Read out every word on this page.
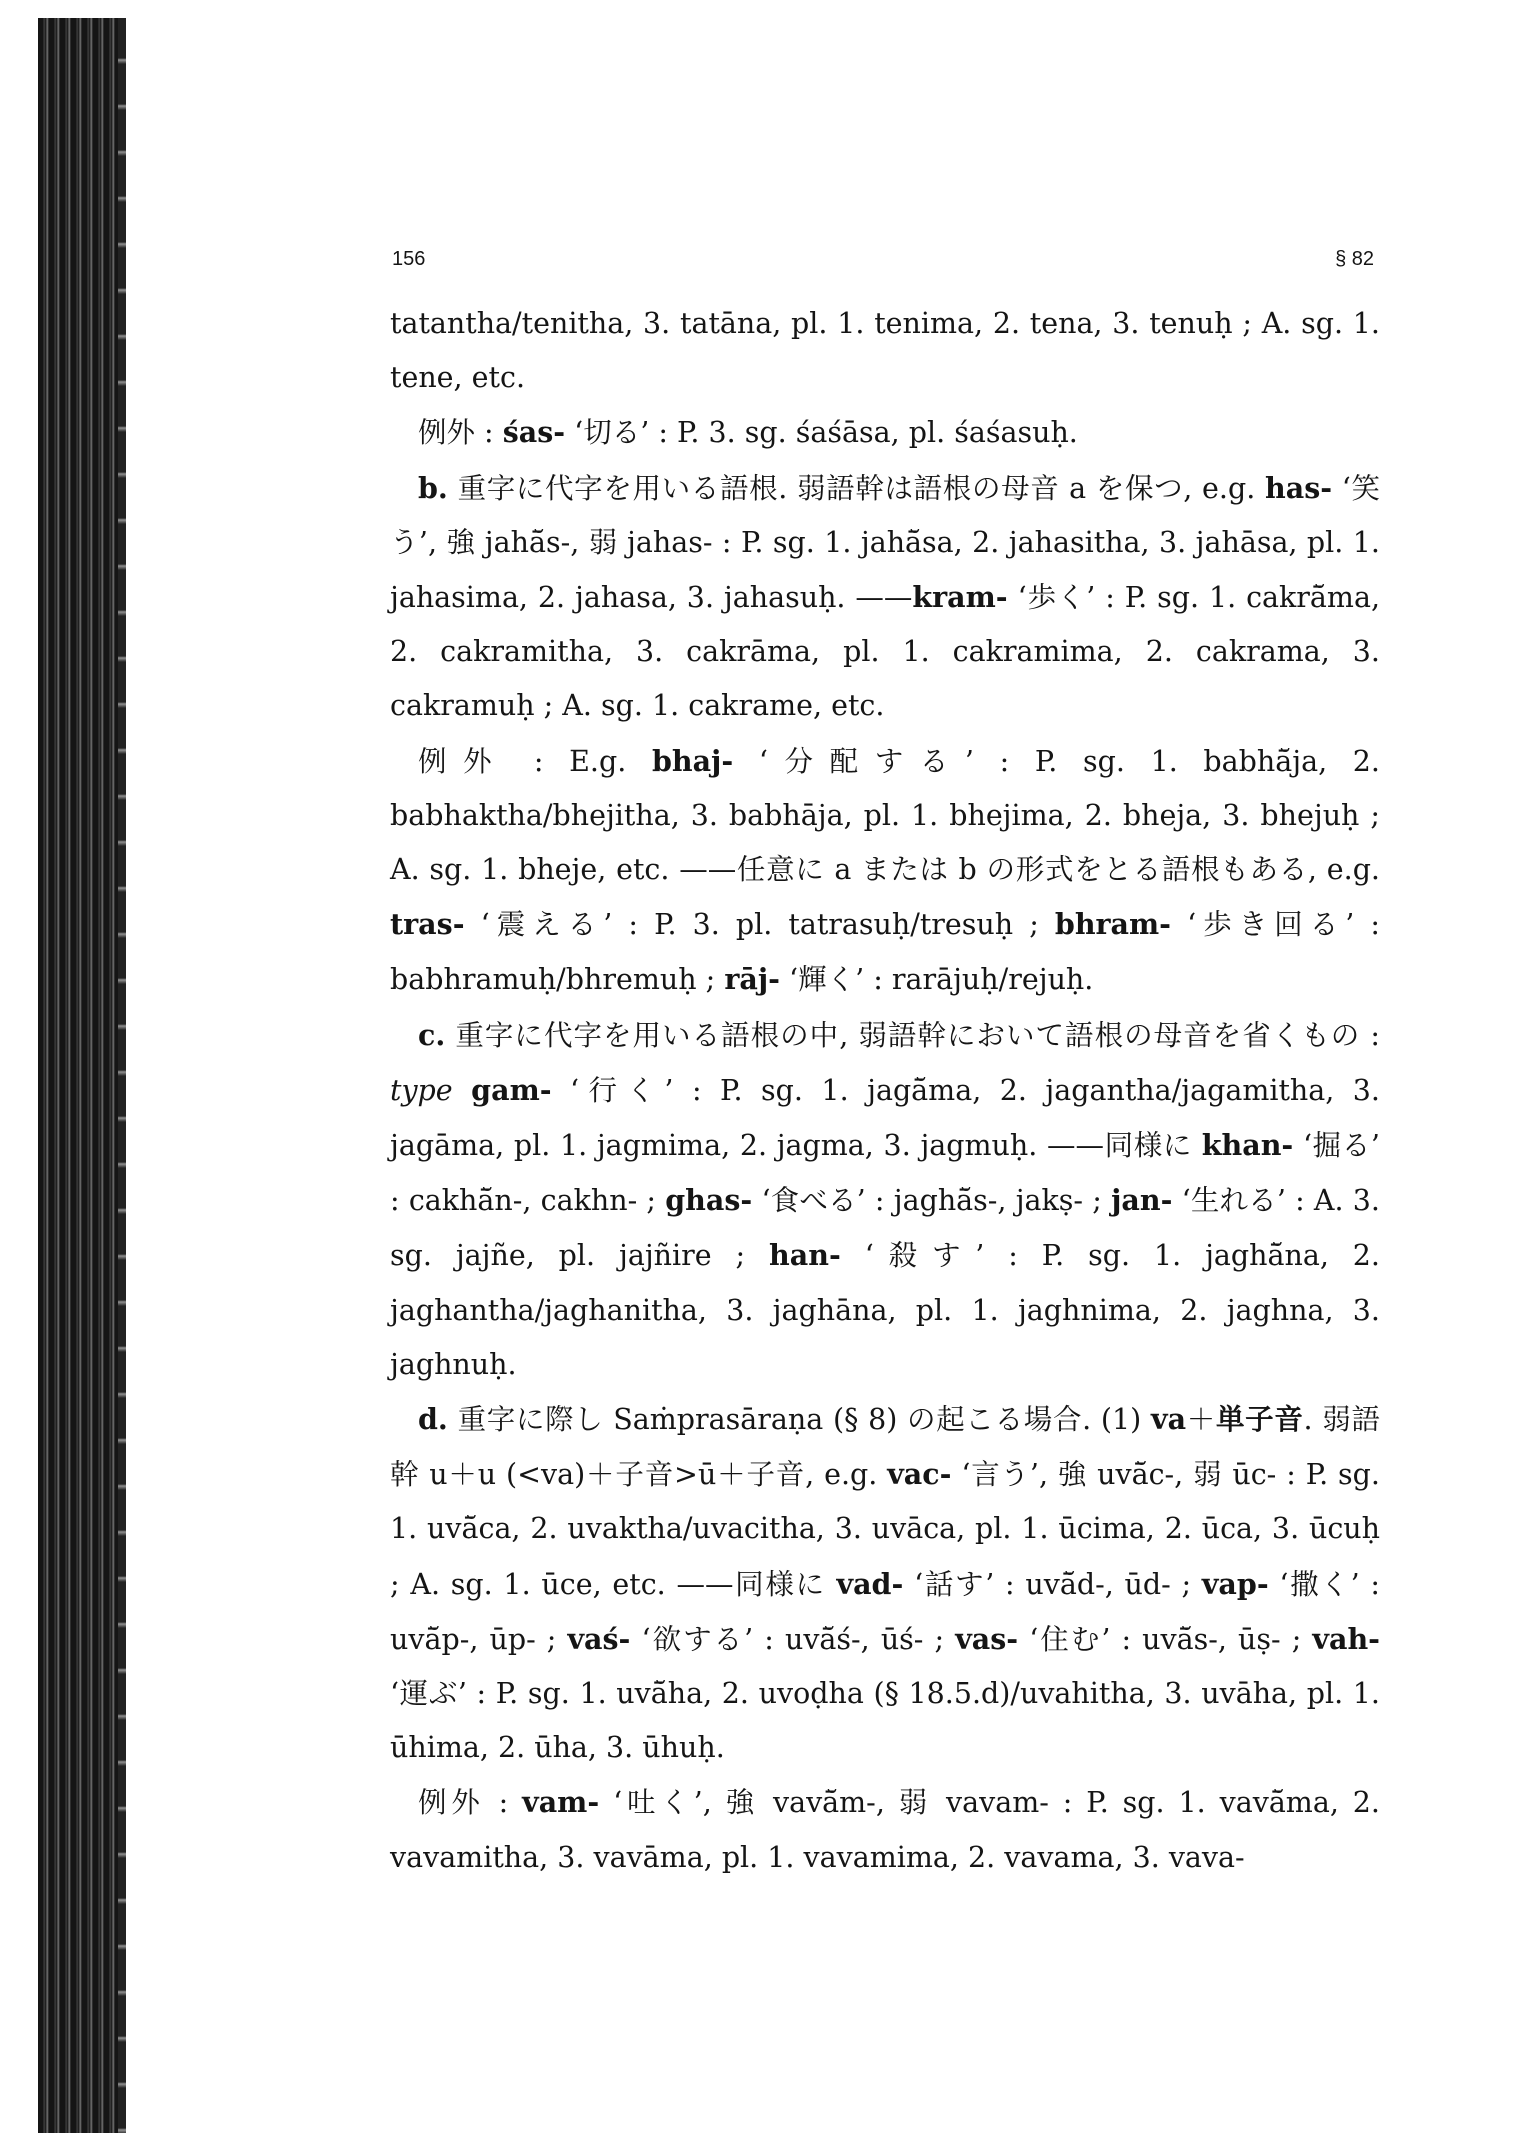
156	§ 82

tatantha/tenitha, 3. tatāna, pl. 1. tenima, 2. tena, 3. tenuḥ ; A. sg. 1. tene, etc.

例外 : śas- ‘切る’ : P. 3. sg. śaśāsa, pl. śaśasuḥ.

b. 重字に代字を用いる語根. 弱語幹は語根の母音 a を保つ, e.g. has- ‘笑う’, 強 jahā̆s-, 弱 jahas- : P. sg. 1. jahā̆sa, 2. jahasitha, 3. jahāsa, pl. 1. jahasima, 2. jahasa, 3. jahasuḥ. ——kram- ‘歩く’ : P. sg. 1. cakrā̆ma, 2. cakramitha, 3. cakrāma, pl. 1. cakramima, 2. cakrama, 3. cakramuḥ ; A. sg. 1. cakrame, etc.

例外 : E.g. bhaj- ‘分配する’ : P. sg. 1. babhā̆ja, 2. babhaktha/bhejitha, 3. babhāja, pl. 1. bhejima, 2. bheja, 3. bhejuḥ ; A. sg. 1. bheje, etc. ——任意に a または b の形式をとる語根もある, e.g. tras- ‘震える’ : P. 3. pl. tatrasuḥ/tresuḥ ; bhram- ‘歩き回る’ : babhramuḥ/bhremuḥ ; rāj- ‘輝く’ : rarājuḥ/rejuḥ.

c. 重字に代字を用いる語根の中, 弱語幹において語根の母音を省くもの : type gam- ‘行く’ : P. sg. 1. jagā̆ma, 2. jagantha/jagamitha, 3. jagāma, pl. 1. jagmima, 2. jagma, 3. jagmuḥ. ——同様に khan- ‘掘る’ : cakhā̆n-, cakhn- ; ghas- ‘食べる’ : jaghā̆s-, jakṣ- ; jan- ‘生れる’ : A. 3. sg. jajñe, pl. jajñire ; han- ‘殺す’ : P. sg. 1. jaghā̆na, 2. jaghantha/jaghanitha, 3. jaghāna, pl. 1. jaghnima, 2. jaghna, 3. jaghnuḥ.

d. 重字に際し Saṁprasāraṇa (§ 8) の起こる場合. (1) va＋単子音. 弱語幹 u＋u (<va)＋子音>ū＋子音, e.g. vac- ‘言う’, 強 uvā̆c-, 弱 ūc- : P. sg. 1. uvā̆ca, 2. uvaktha/uvacitha, 3. uvāca, pl. 1. ūcima, 2. ūca, 3. ūcuḥ ; A. sg. 1. ūce, etc. ——同様に vad- ‘話す’ : uvā̆d-, ūd- ; vap- ‘撒く’ : uvā̆p-, ūp- ; vaś- ‘欲する’ : uvā̆ś-, ūś- ; vas- ‘住む’ : uvā̆s-, ūṣ- ; vah- ‘運ぶ’ : P. sg. 1. uvā̆ha, 2. uvoḍha (§ 18.5.d)/uvahitha, 3. uvāha, pl. 1. ūhima, 2. ūha, 3. ūhuḥ.

例外 : vam- ‘吐く’, 強 vavā̆m-, 弱 vavam- : P. sg. 1. vavā̆ma, 2. vavamitha, 3. vavāma, pl. 1. vavamima, 2. vavama, 3. vava-
